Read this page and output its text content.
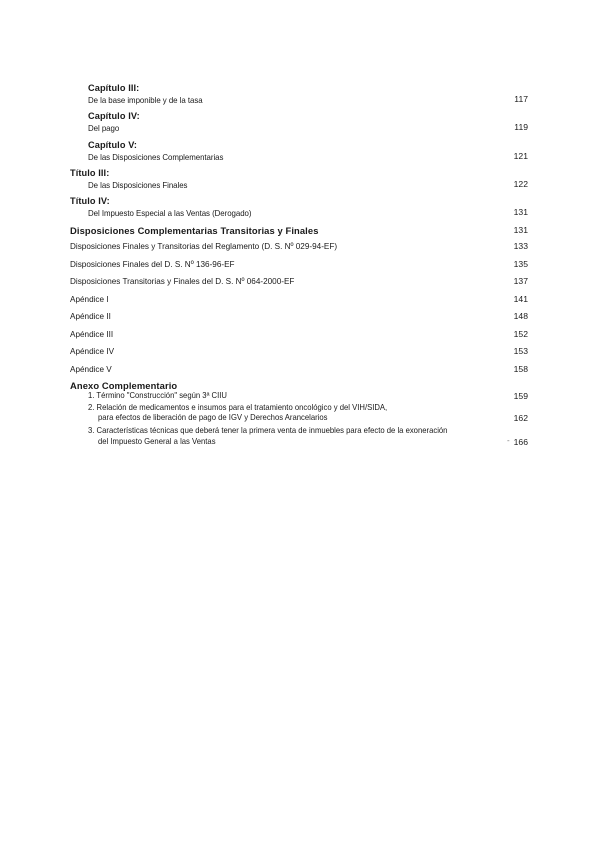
Capítulo III:
De la base imponible y de la tasa	117
Capítulo IV:
Del pago	119
Capítulo V:
De las Disposiciones Complementarias	121
Título III:
De las Disposiciones Finales	122
Título IV:
Del Impuesto Especial a las Ventas (Derogado)	131
Disposiciones Complementarias Transitorias y Finales	131
Disposiciones Finales y Transitorias del Reglamento (D. S. Nº 029-94-EF)	133
Disposiciones Finales del D. S. Nº 136-96-EF	135
Disposiciones Transitorias y Finales del D. S. Nº 064-2000-EF	137
Apéndice I	141
Apéndice II	148
Apéndice III	152
Apéndice IV	153
Apéndice V	158
Anexo Complementario
1. Término "Construcción" según 3ª CIIU	159
2. Relación de medicamentos e insumos para el tratamiento oncológico y del VIH/SIDA,
para efectos de liberación de pago de IGV y Derechos Arancelarios	162
3. Características técnicas que deberá tener la primera venta de inmuebles para efecto de la exoneración
del Impuesto General a las Ventas	- 166
